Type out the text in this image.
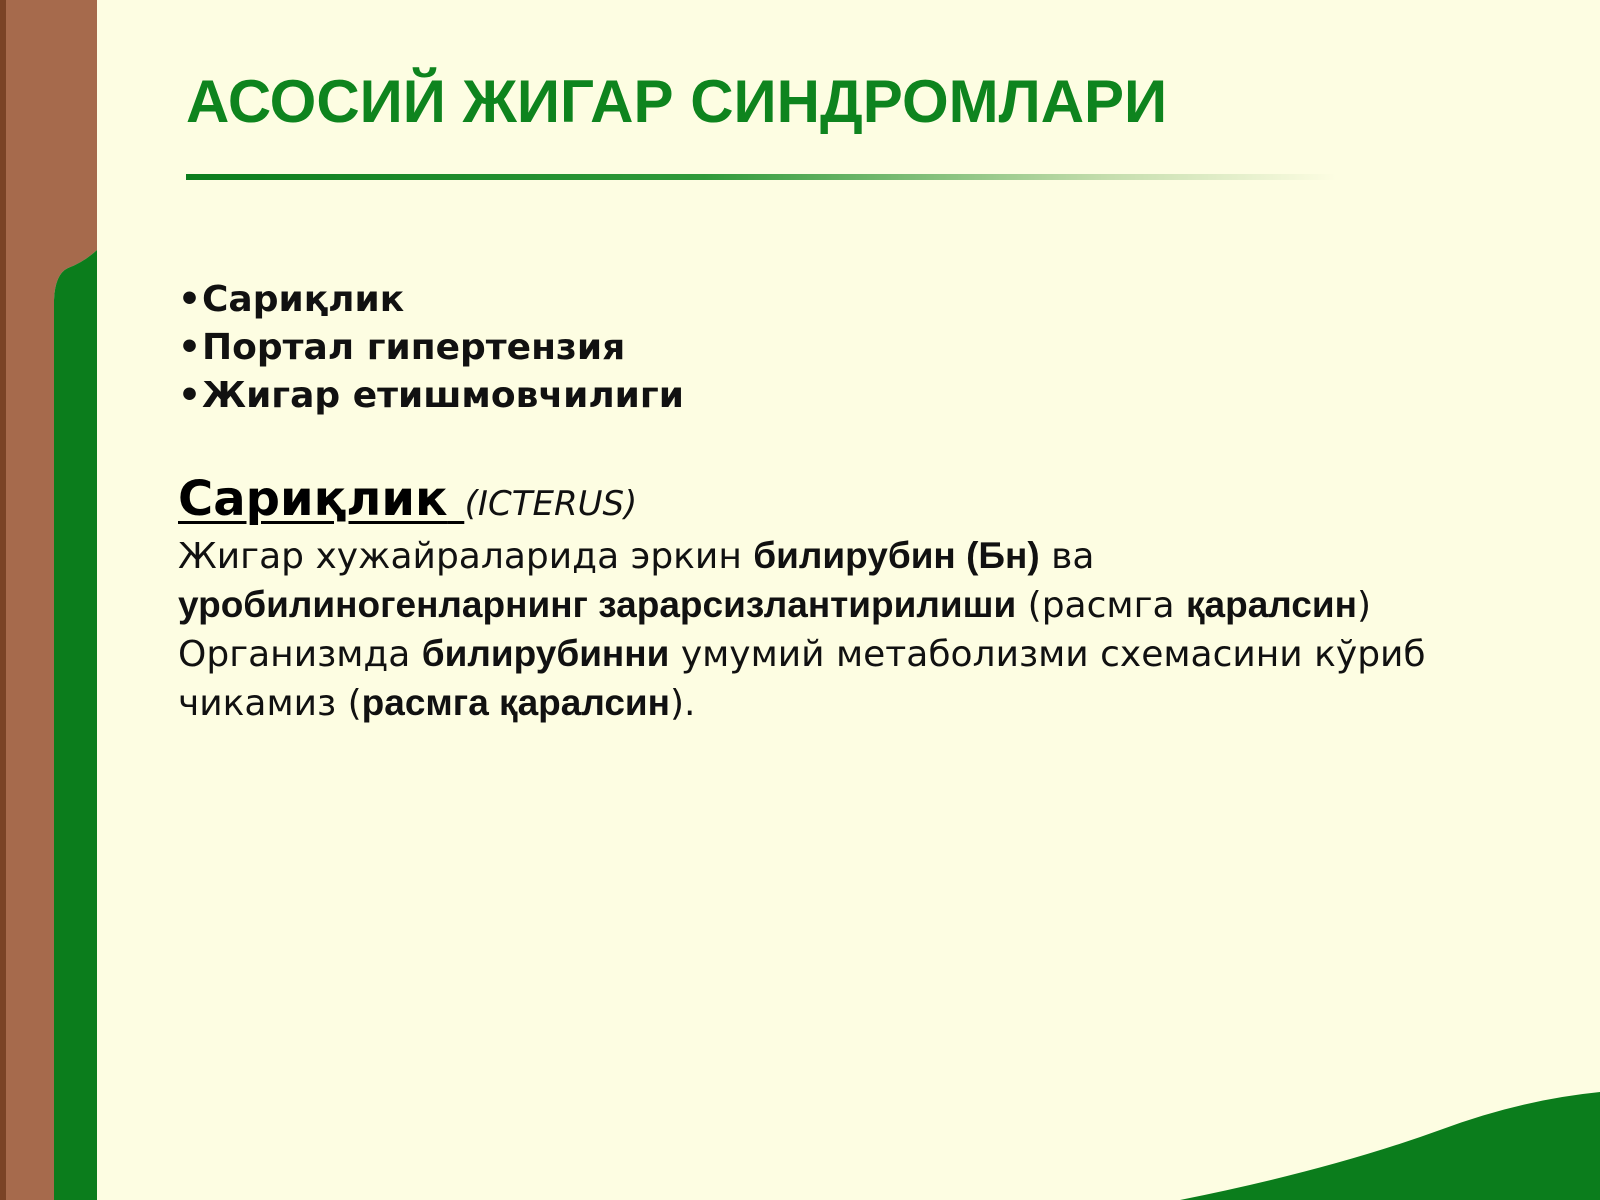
АСОСИЙ ЖИГАР СИНДРОМЛАРИ
•Сариқлик
•Портал гипертензия
•Жигар етишмовчилиги
Сариқлик (ICTERUS)

Жигар хужайраларида эркин билирубин (Бн) ва

уробилиногенларнинг зарарсизлантирилиши (расмга қаралсин)

Организмда билирубинни умумий метаболизми схемасини кўриб

чикамиз (расмга қаралсин).
